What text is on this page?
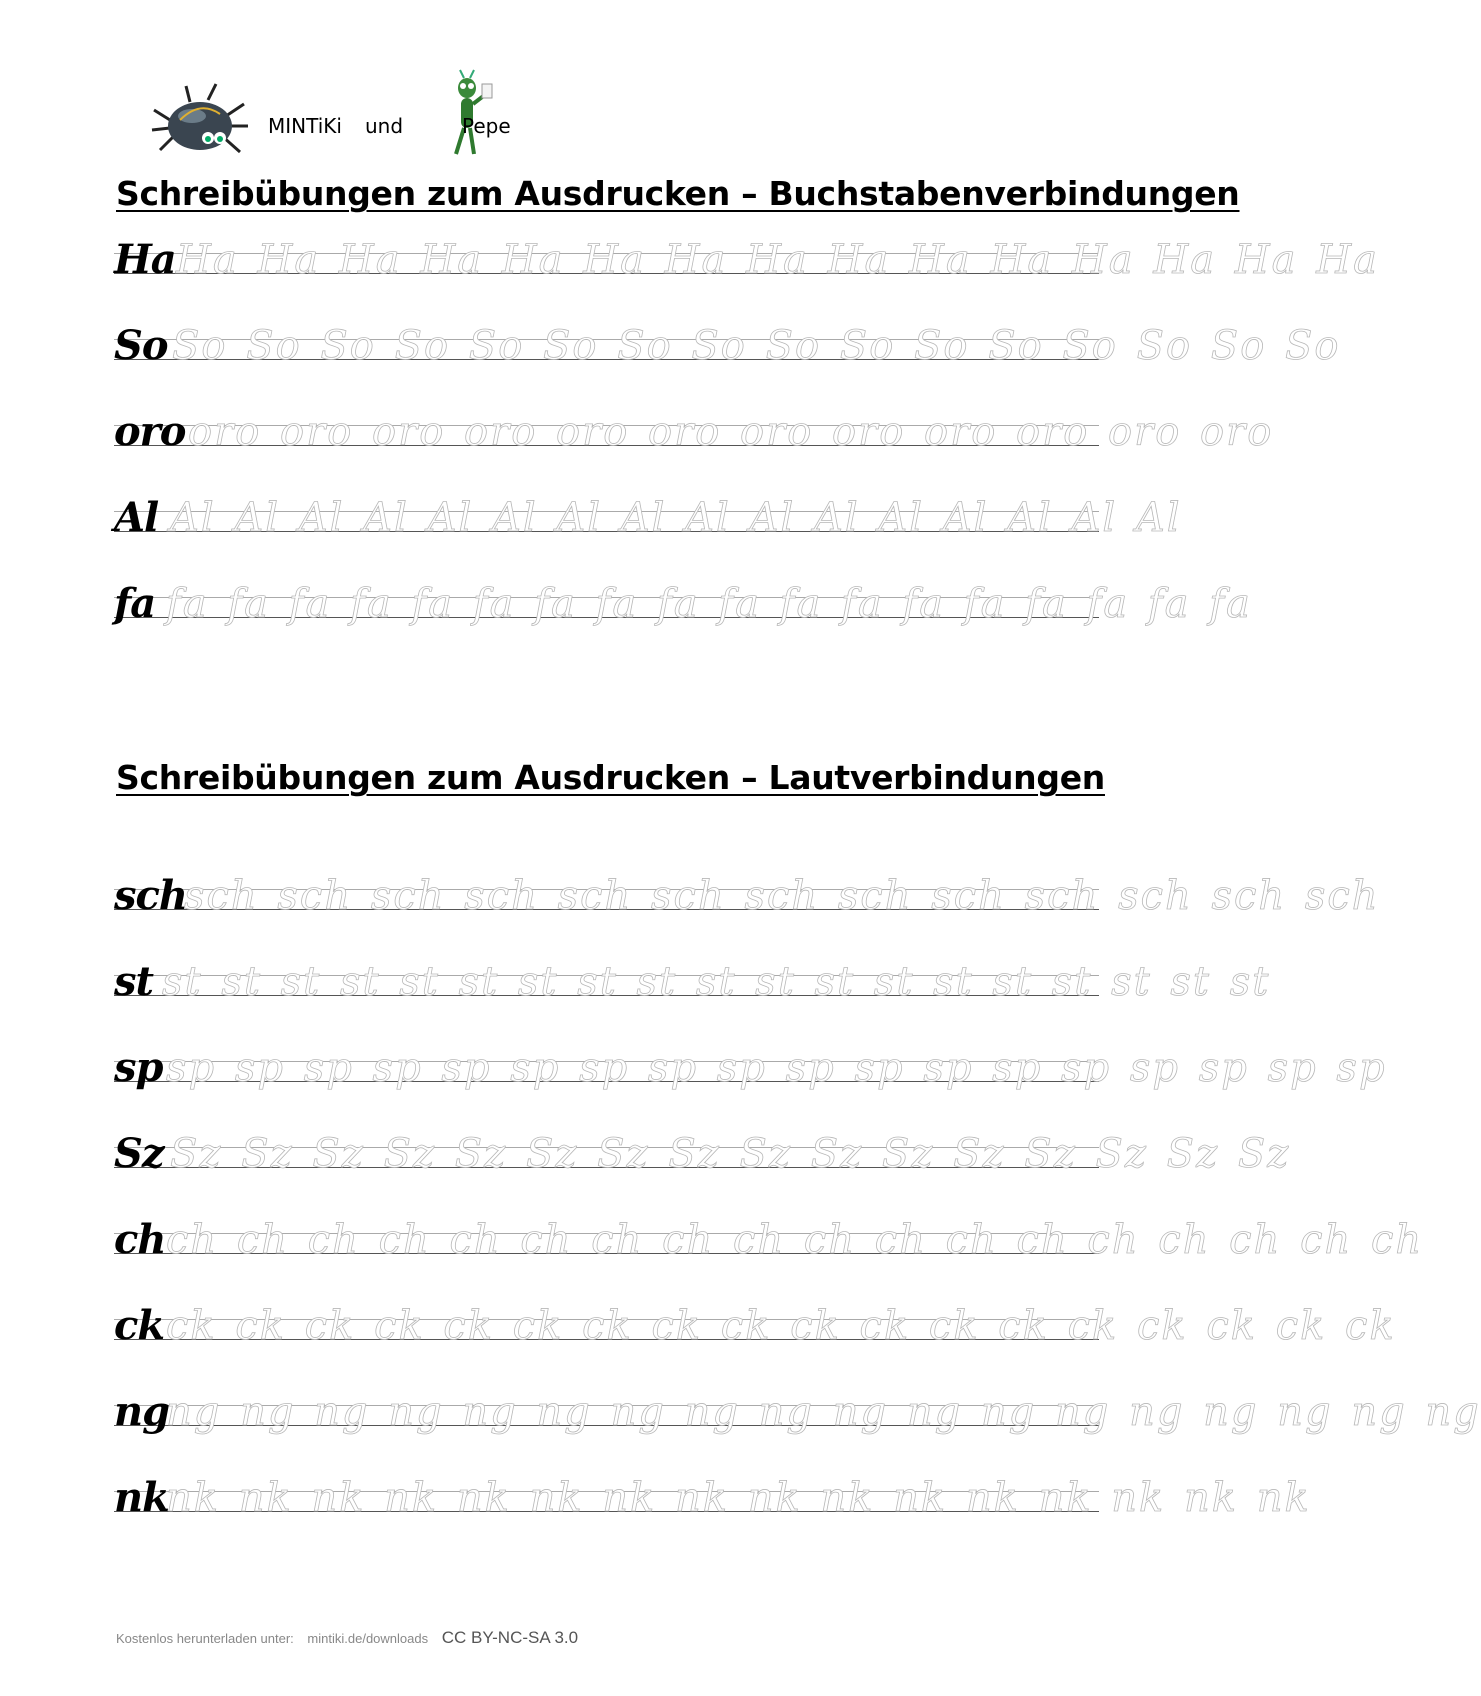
MINTiKi und	Pepe
Schreibübungen zum Ausdrucken – Buchstabenverbindungen
Ha Ha Ha Ha Ha Ha Ha Ha Ha Ha Ha Ha Ha Ha Ha Ha
So So So So So So So So So So So So So So So So So
oro oro oro oro oro oro oro oro oro oro oro oro oro
Al Al Al Al Al Al Al Al Al Al Al Al Al Al Al Al Al
fa fa fa fa fa fa fa fa fa fa fa fa fa fa fa fa fa fa fa
Schreibübungen zum Ausdrucken – Lautverbindungen
sch
sch sch sch sch sch sch sch sch sch sch sch sch sch
st st st st st st st st st st st st st st st st st st st st
sp sp sp sp sp sp sp sp sp sp sp sp sp sp sp sp sp sp sp
Sz Sz Sz Sz Sz Sz Sz Sz Sz Sz Sz Sz Sz Sz Sz Sz Sz
ch ch ch ch ch ch ch ch ch ch ch ch ch ch ch ch ch ch ch
ck ck ck ck ck ck ck ck ck ck ck ck ck ck ck ck ck ck ck
ng
ng ng ng ng ng ng ng ng ng ng ng ng ng ng ng ng ng ng
nk
nk nk nk nk nk nk nk nk nk nk nk nk nk nk nk nk
Kostenlos herunterladen unter: mintiki.de/downloads CC BY-NC-SA 3.0
